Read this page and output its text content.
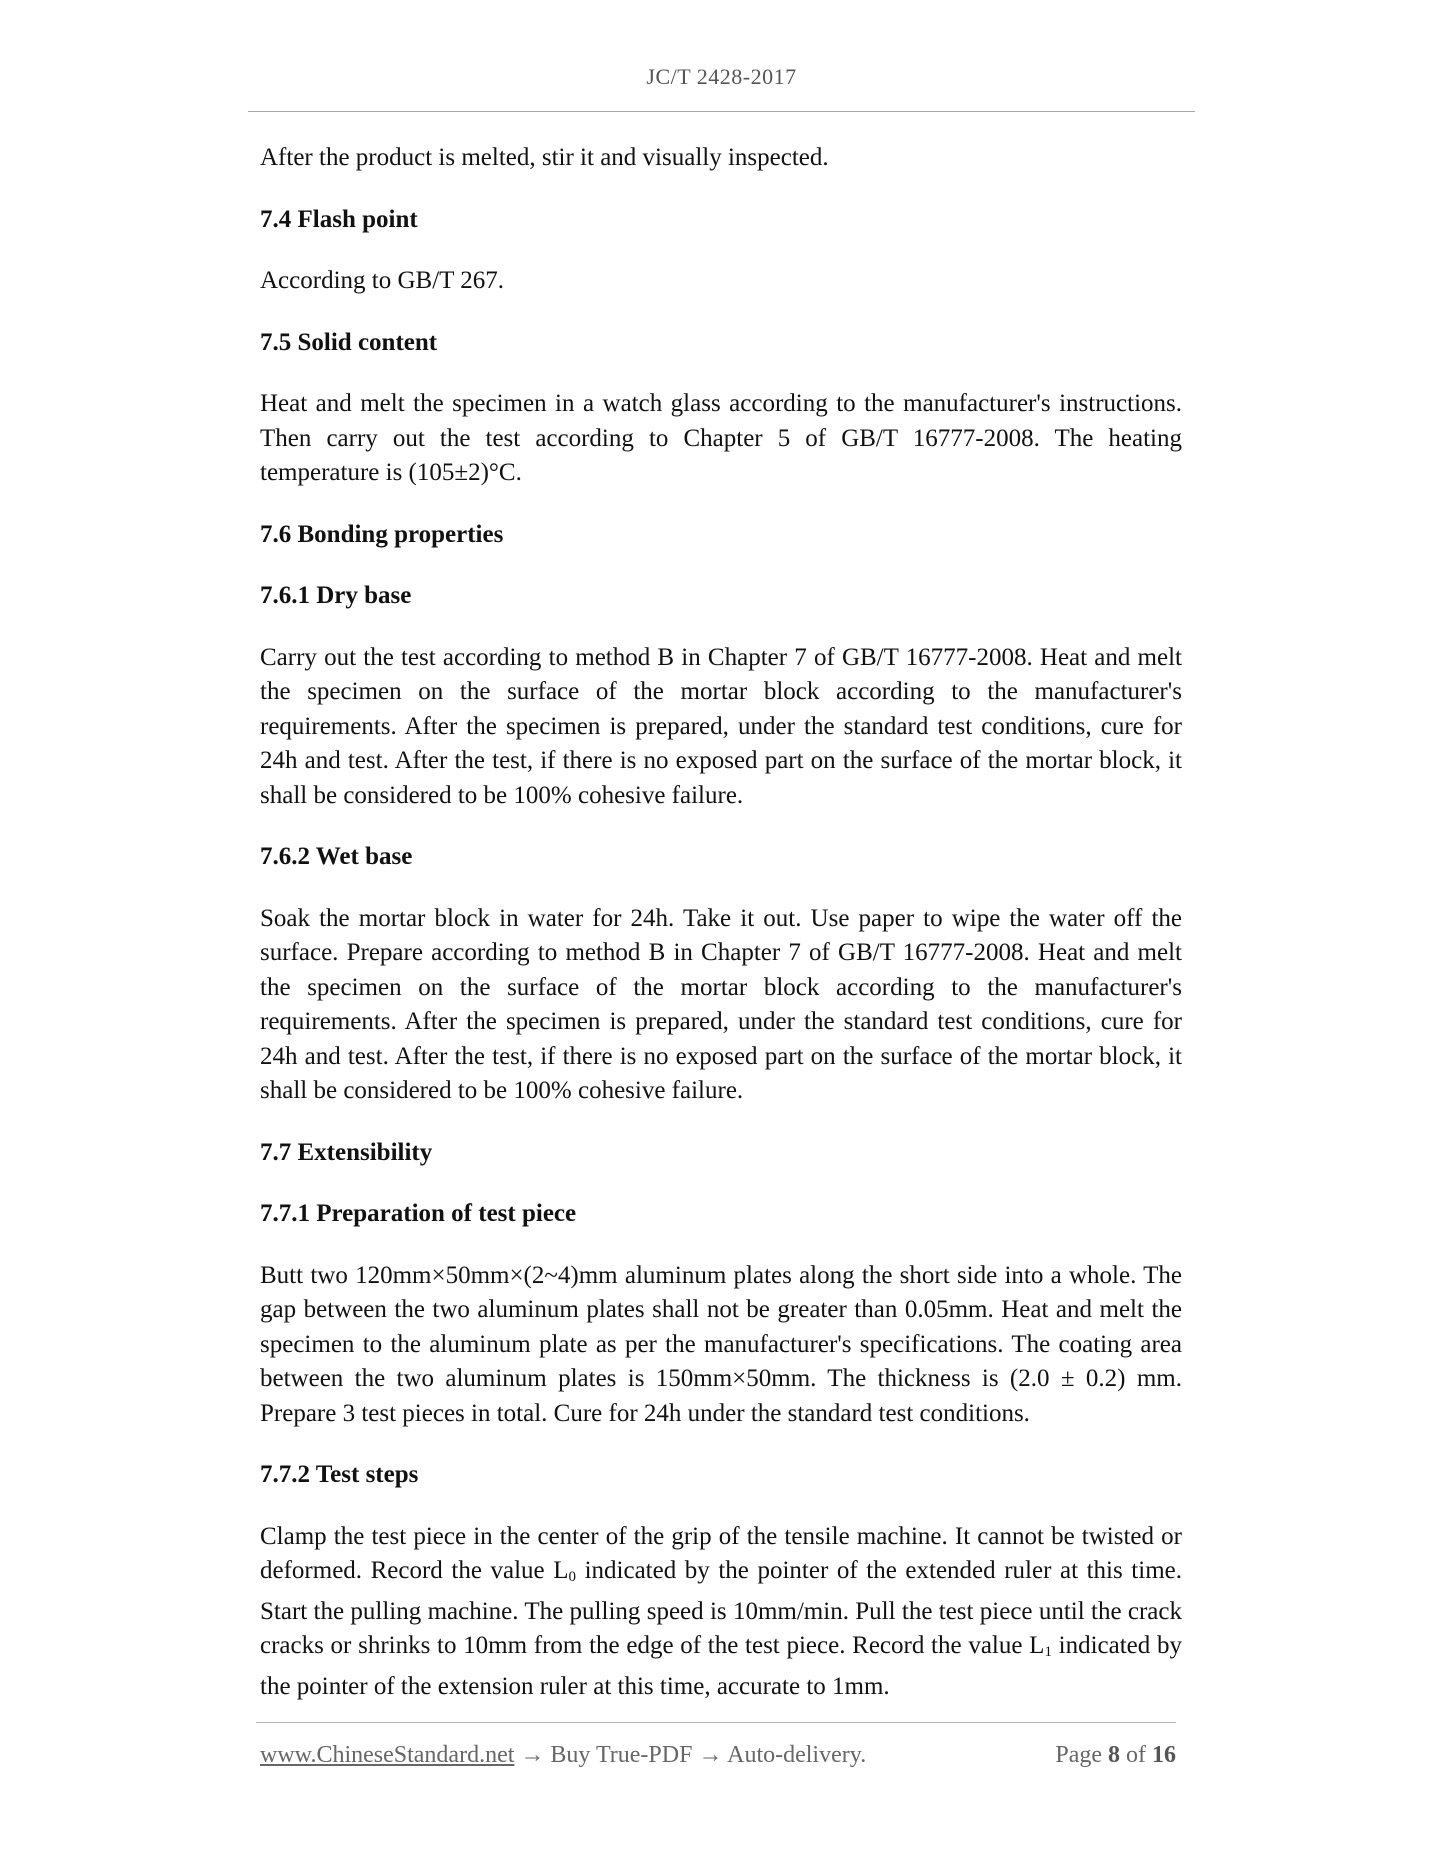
JC/T 2428-2017

After the product is melted, stir it and visually inspected.

7.4 Flash point

According to GB/T 267.

7.5 Solid content

Heat and melt the specimen in a watch glass according to the manufacturer's instructions. Then carry out the test according to Chapter 5 of GB/T 16777-2008. The heating temperature is (105±2)°C.

7.6 Bonding properties

7.6.1 Dry base

Carry out the test according to method B in Chapter 7 of GB/T 16777-2008. Heat and melt the specimen on the surface of the mortar block according to the manufacturer's requirements. After the specimen is prepared, under the standard test conditions, cure for 24h and test. After the test, if there is no exposed part on the surface of the mortar block, it shall be considered to be 100% cohesive failure.

7.6.2 Wet base

Soak the mortar block in water for 24h. Take it out. Use paper to wipe the water off the surface. Prepare according to method B in Chapter 7 of GB/T 16777-2008. Heat and melt the specimen on the surface of the mortar block according to the manufacturer's requirements. After the specimen is prepared, under the standard test conditions, cure for 24h and test. After the test, if there is no exposed part on the surface of the mortar block, it shall be considered to be 100% cohesive failure.

7.7 Extensibility

7.7.1 Preparation of test piece

Butt two 120mm×50mm×(2~4)mm aluminum plates along the short side into a whole. The gap between the two aluminum plates shall not be greater than 0.05mm. Heat and melt the specimen to the aluminum plate as per the manufacturer's specifications. The coating area between the two aluminum plates is 150mm×50mm. The thickness is (2.0 ± 0.2) mm. Prepare 3 test pieces in total. Cure for 24h under the standard test conditions.

7.7.2 Test steps

Clamp the test piece in the center of the grip of the tensile machine. It cannot be twisted or deformed. Record the value $L_0$ indicated by the pointer of the extended ruler at this time. Start the pulling machine. The pulling speed is 10mm/min. Pull the test piece until the crack cracks or shrinks to 10mm from the edge of the test piece. Record the value $L_1$ indicated by the pointer of the extension ruler at this time, accurate to 1mm.

www.ChineseStandard.net → Buy True-PDF → Auto-delivery.	Page 8 of 16
